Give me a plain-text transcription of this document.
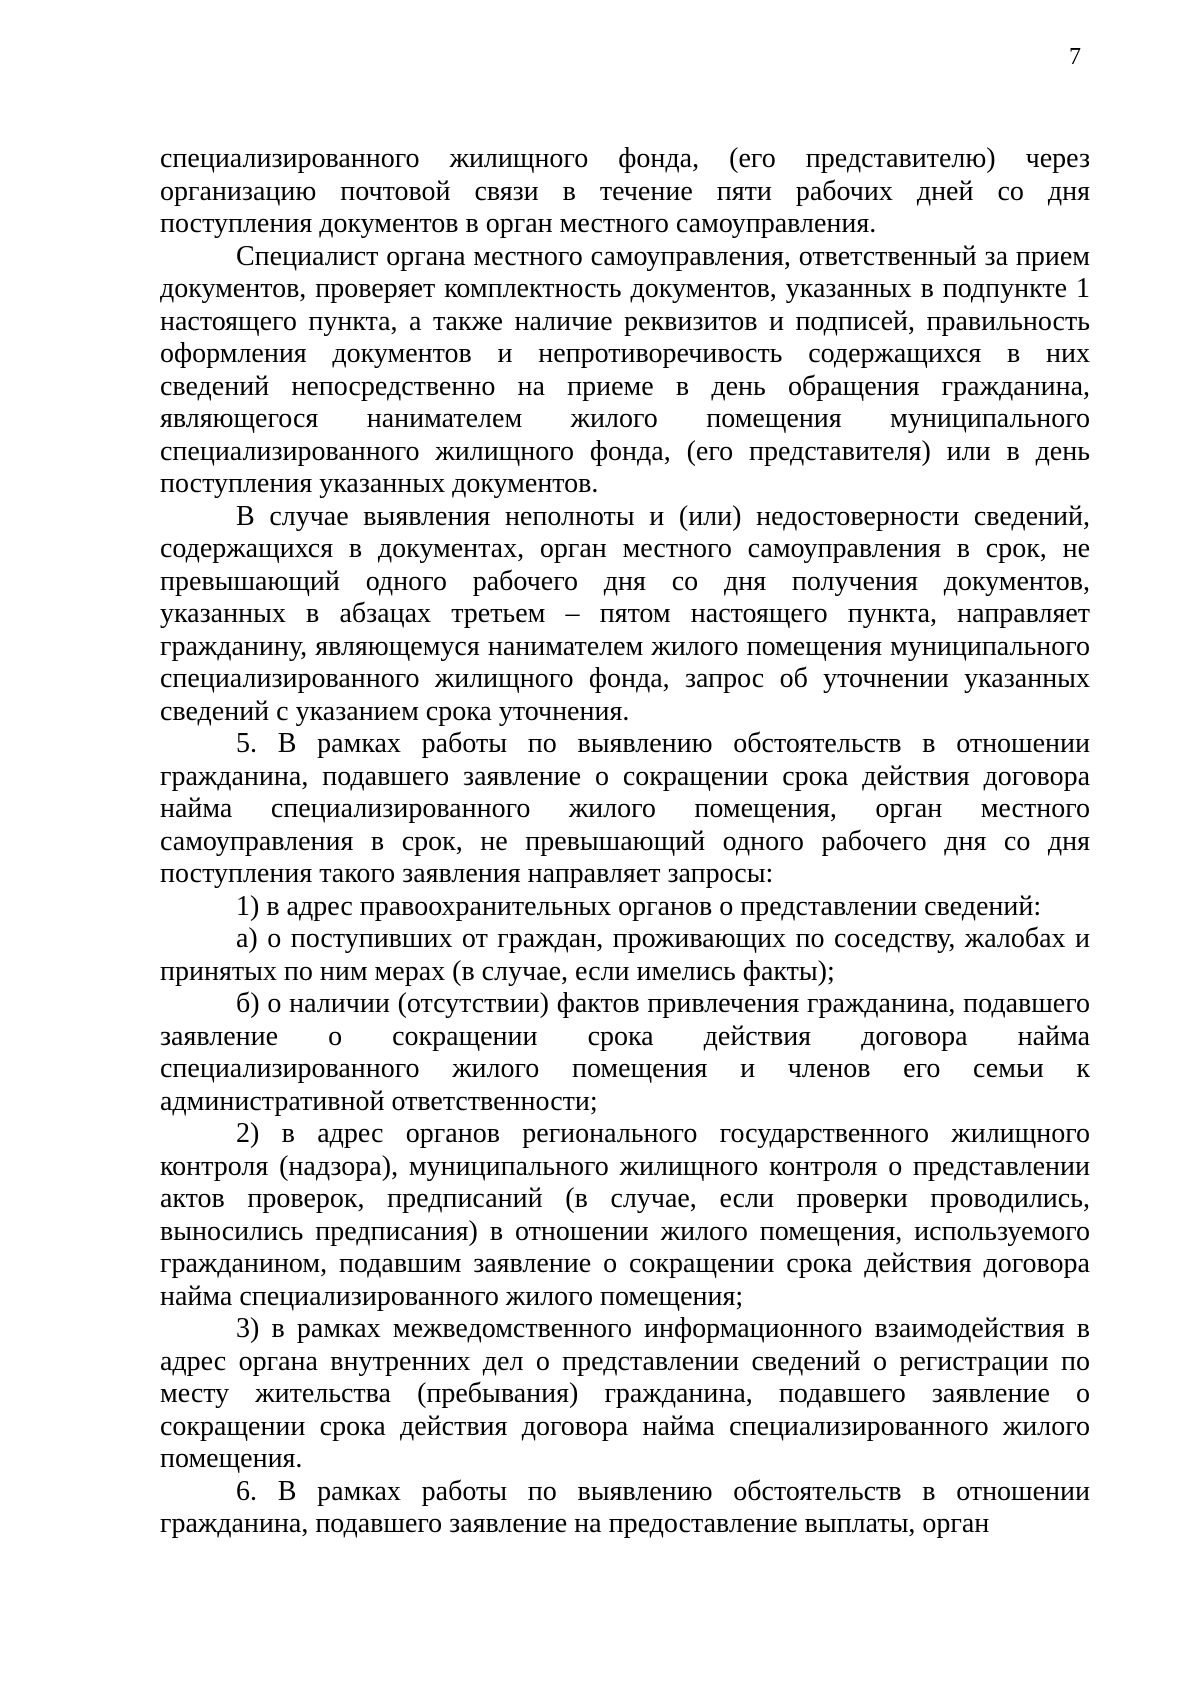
7

специализированного жилищного фонда, (его представителю) через организацию почтовой связи в течение пяти рабочих дней со дня поступления документов в орган местного самоуправления.

Специалист органа местного самоуправления, ответственный за прием документов, проверяет комплектность документов, указанных в подпункте 1 настоящего пункта, а также наличие реквизитов и подписей, правильность оформления документов и непротиворечивость содержащихся в них сведений непосредственно на приеме в день обращения гражданина, являющегося нанимателем жилого помещения муниципального специализированного жилищного фонда, (его представителя) или в день поступления указанных документов.

В случае выявления неполноты и (или) недостоверности сведений, содержащихся в документах, орган местного самоуправления в срок, не превышающий одного рабочего дня со дня получения документов, указанных в абзацах третьем – пятом настоящего пункта, направляет гражданину, являющемуся нанимателем жилого помещения муниципального специализированного жилищного фонда, запрос об уточнении указанных сведений с указанием срока уточнения.

5. В рамках работы по выявлению обстоятельств в отношении гражданина, подавшего заявление о сокращении срока действия договора найма специализированного жилого помещения, орган местного самоуправления в срок, не превышающий одного рабочего дня со дня поступления такого заявления направляет запросы:

1) в адрес правоохранительных органов о представлении сведений:

а) о поступивших от граждан, проживающих по соседству, жалобах и принятых по ним мерах (в случае, если имелись факты);

б) о наличии (отсутствии) фактов привлечения гражданина, подавшего заявление о сокращении срока действия договора найма специализированного жилого помещения и членов его семьи к административной ответственности;

2) в адрес органов регионального государственного жилищного контроля (надзора), муниципального жилищного контроля о представлении актов проверок, предписаний (в случае, если проверки проводились, выносились предписания) в отношении жилого помещения, используемого гражданином, подавшим заявление о сокращении срока действия договора найма специализированного жилого помещения;

3) в рамках межведомственного информационного взаимодействия в адрес органа внутренних дел о представлении сведений о регистрации по месту жительства (пребывания) гражданина, подавшего заявление о сокращении срока действия договора найма специализированного жилого помещения.

6. В рамках работы по выявлению обстоятельств в отношении гражданина, подавшего заявление на предоставление выплаты, орган
